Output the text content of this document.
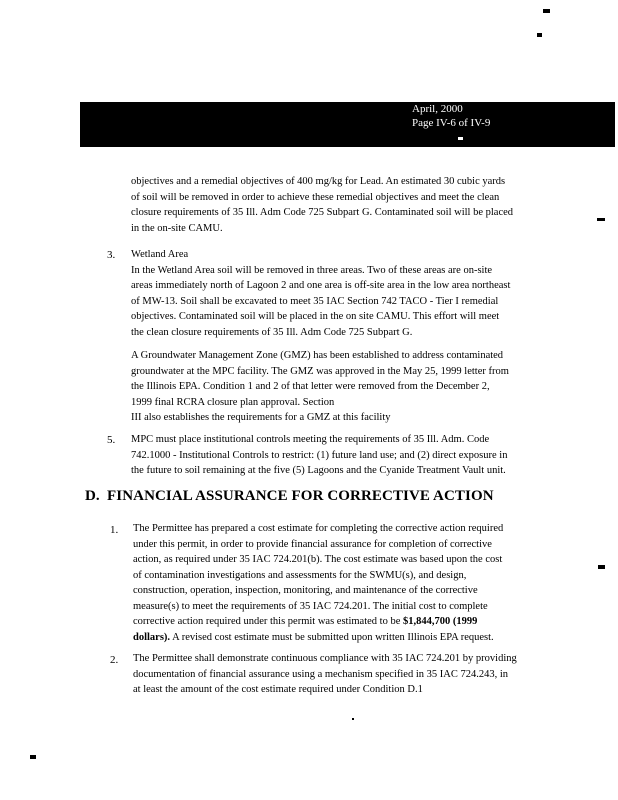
April, 2000
Page IV-6 of IV-9
objectives and a remedial objectives of 400 mg/kg for Lead. An estimated 30 cubic yards
of soil will be removed in order to achieve these remedial objectives and meet the clean
closure requirements of 35 Ill. Adm Code 725 Subpart G. Contaminated soil will be placed
in the on-site CAMU.
3. Wetland Area
In the Wetland Area soil will be removed in three areas. Two of these areas are on-site
areas immediately north of Lagoon 2 and one area is off-site area in the low area northeast
of MW-13. Soil shall be excavated to meet 35 IAC Section 742 TACO - Tier I remedial
objectives. Contaminated soil will be placed in the on site CAMU. This effort will meet
the clean closure requirements of 35 Ill. Adm Code 725 Subpart G.
A Groundwater Management Zone (GMZ) has been established to address contaminated
groundwater at the MPC facility. The GMZ was approved in the May 25, 1999 letter from
the Illinois EPA. Condition 1 and 2 of that letter were removed from the December 2,
1999 final RCRA closure plan approval. Section
III also establishes the requirements for a GMZ at this facility
5. MPC must place institutional controls meeting the requirements of 35 Ill. Adm. Code
742.1000 - Institutional Controls to restrict: (1) future land use; and (2) direct exposure in
the future to soil remaining at the five (5) Lagoons and the Cyanide Treatment Vault unit.
D. FINANCIAL ASSURANCE FOR CORRECTIVE ACTION
1. The Permittee has prepared a cost estimate for completing the corrective action required
under this permit, in order to provide financial assurance for completion of corrective
action, as required under 35 IAC 724.201(b). The cost estimate was based upon the cost
of contamination investigations and assessments for the SWMU(s), and design,
construction, operation, inspection, monitoring, and maintenance of the corrective
measure(s) to meet the requirements of 35 IAC 724.201. The initial cost to complete
corrective action required under this permit was estimated to be $1,844,700 (1999
dollars). A revised cost estimate must be submitted upon written Illinois EPA request.
2. The Permittee shall demonstrate continuous compliance with 35 IAC 724.201 by providing
documentation of financial assurance using a mechanism specified in 35 IAC 724.243, in
at least the amount of the cost estimate required under Condition D.1
